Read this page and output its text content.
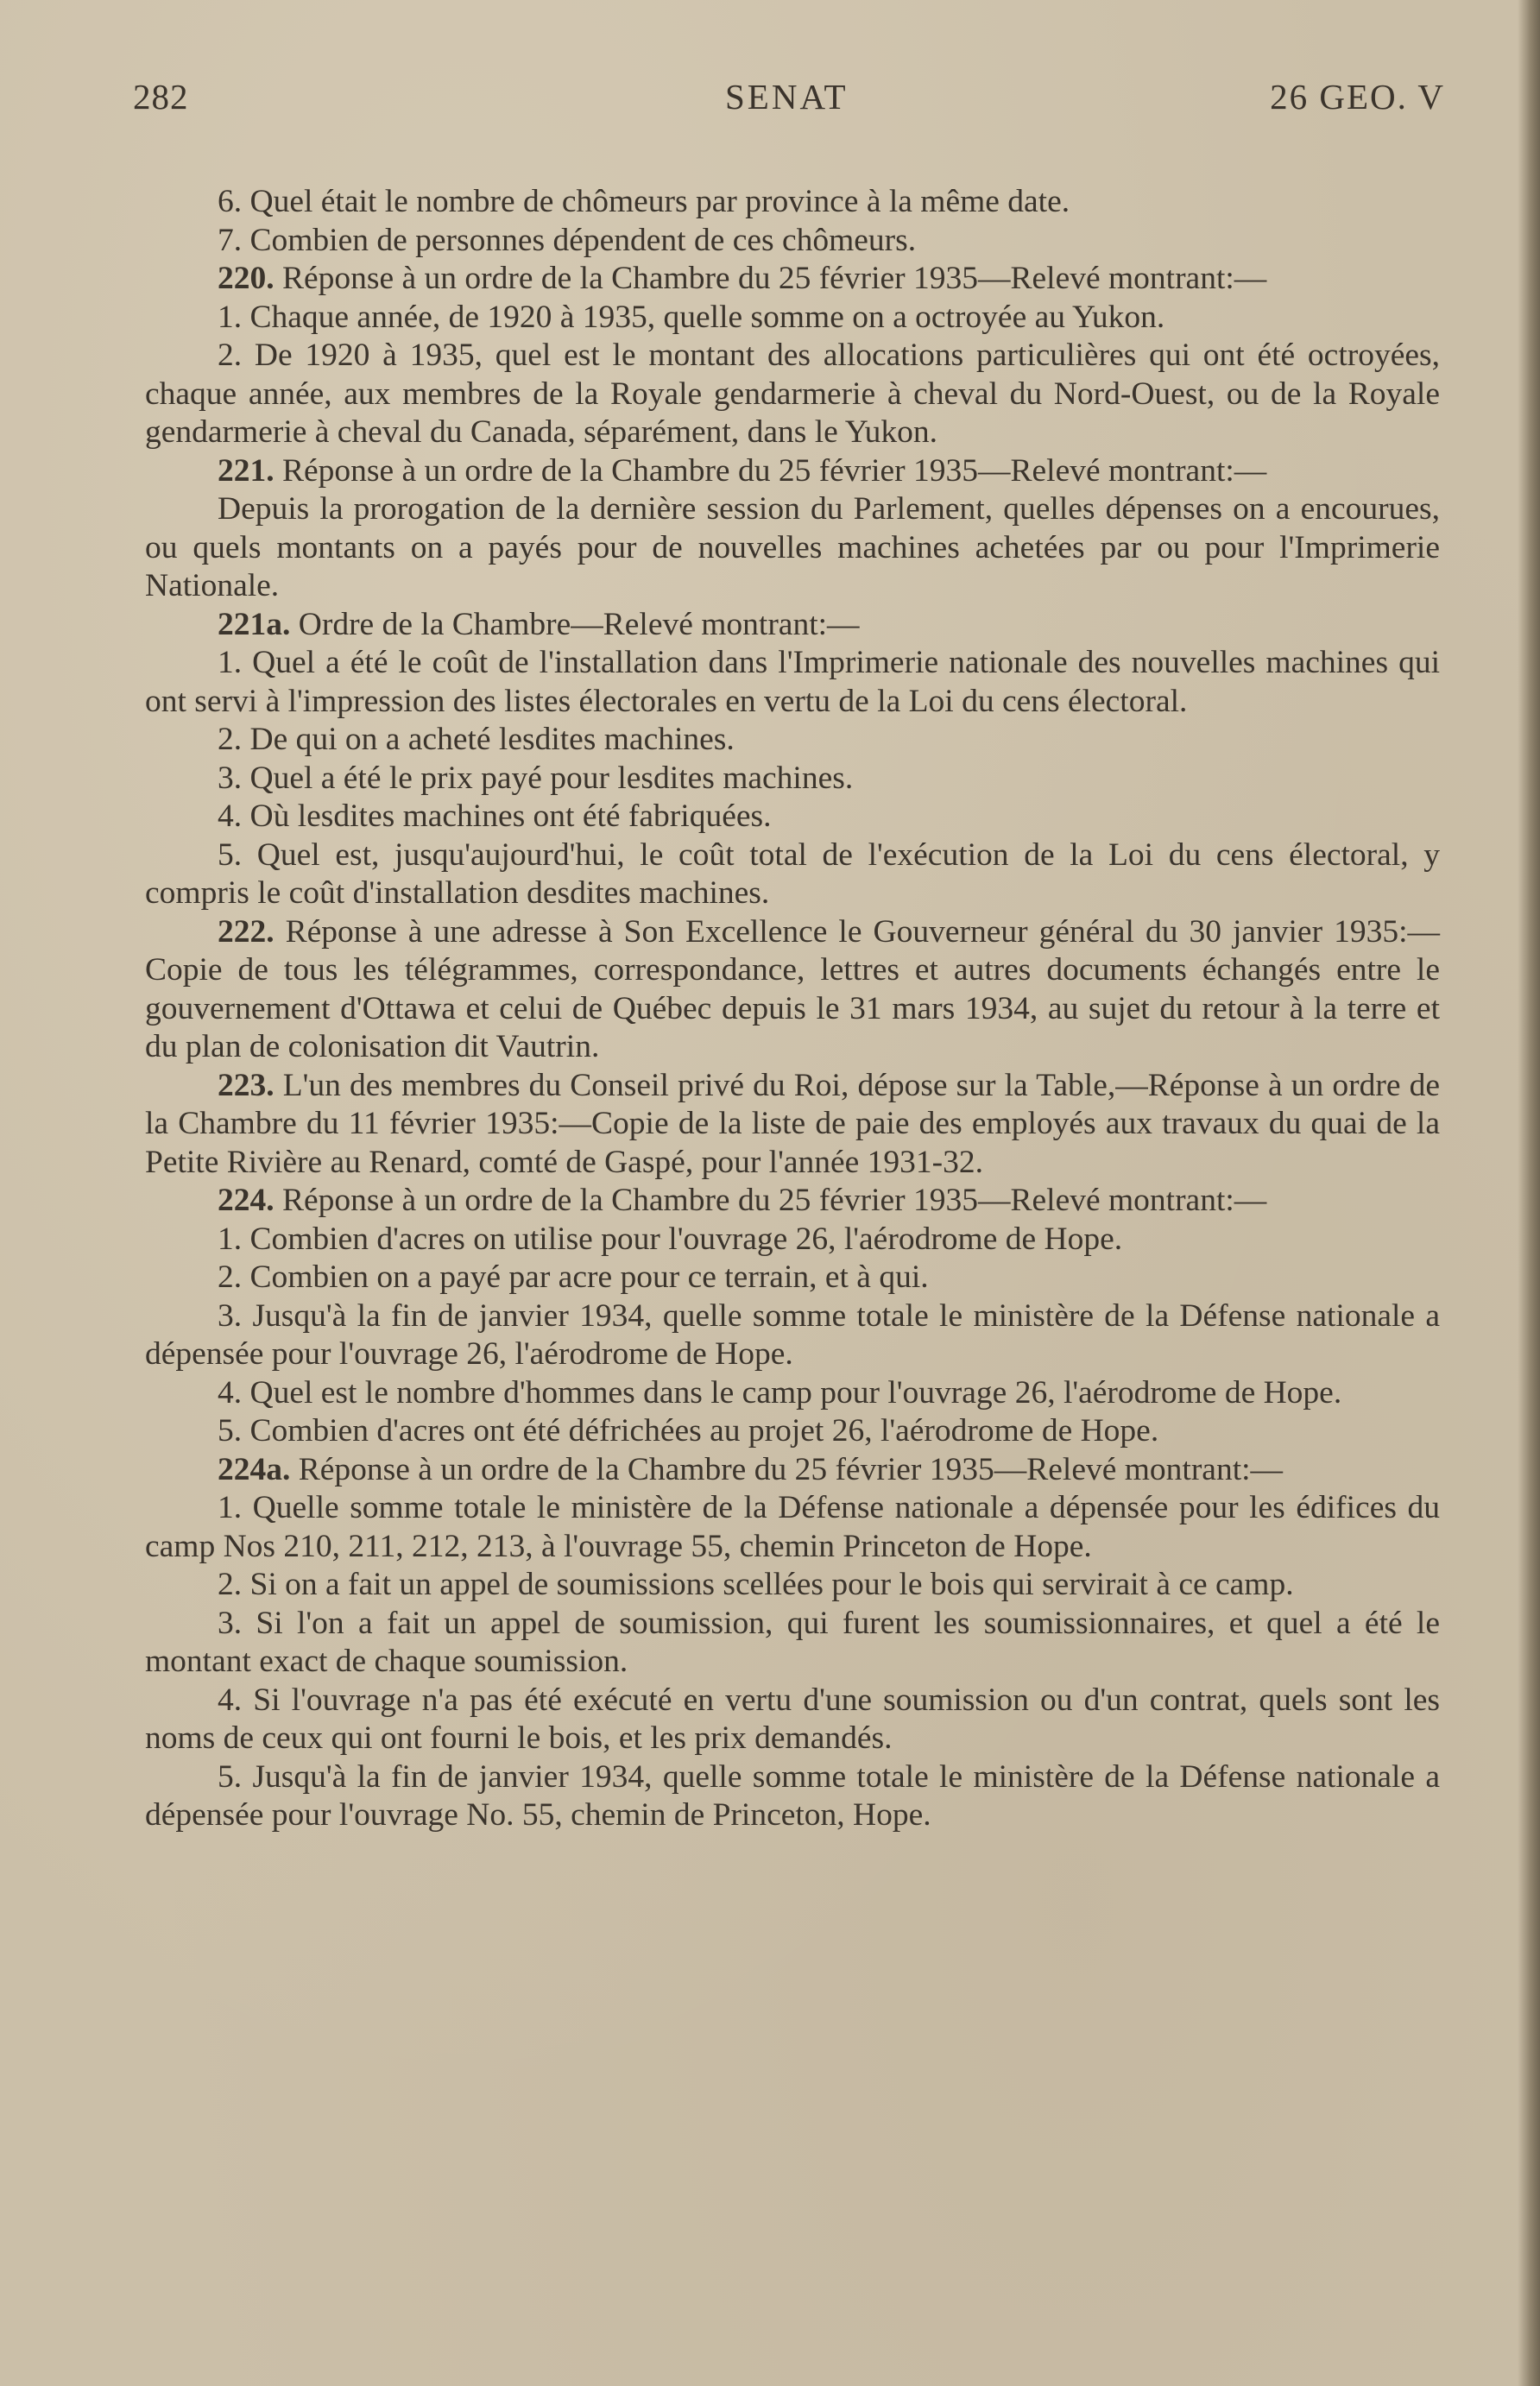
282	SENAT	26 GEO. V

6. Quel était le nombre de chômeurs par province à la même date.

7. Combien de personnes dépendent de ces chômeurs.

220. Réponse à un ordre de la Chambre du 25 février 1935—Relevé montrant:—

1. Chaque année, de 1920 à 1935, quelle somme on a octroyée au Yukon.

2. De 1920 à 1935, quel est le montant des allocations particulières qui ont été octroyées, chaque année, aux membres de la Royale gendarmerie à cheval du Nord-Ouest, ou de la Royale gendarmerie à cheval du Canada, séparément, dans le Yukon.

221. Réponse à un ordre de la Chambre du 25 février 1935—Relevé montrant:—

Depuis la prorogation de la dernière session du Parlement, quelles dépenses on a encourues, ou quels montants on a payés pour de nouvelles machines achetées par ou pour l'Imprimerie Nationale.

221a. Ordre de la Chambre—Relevé montrant:—

1. Quel a été le coût de l'installation dans l'Imprimerie nationale des nouvelles machines qui ont servi à l'impression des listes électorales en vertu de la Loi du cens électoral.

2. De qui on a acheté lesdites machines.

3. Quel a été le prix payé pour lesdites machines.

4. Où lesdites machines ont été fabriquées.

5. Quel est, jusqu'aujourd'hui, le coût total de l'exécution de la Loi du cens électoral, y compris le coût d'installation desdites machines.

222. Réponse à une adresse à Son Excellence le Gouverneur général du 30 janvier 1935:—Copie de tous les télégrammes, correspondance, lettres et autres documents échangés entre le gouvernement d'Ottawa et celui de Québec depuis le 31 mars 1934, au sujet du retour à la terre et du plan de colonisation dit Vautrin.

223. L'un des membres du Conseil privé du Roi, dépose sur la Table,—Réponse à un ordre de la Chambre du 11 février 1935:—Copie de la liste de paie des employés aux travaux du quai de la Petite Rivière au Renard, comté de Gaspé, pour l'année 1931-32.

224. Réponse à un ordre de la Chambre du 25 février 1935—Relevé montrant:—

1. Combien d'acres on utilise pour l'ouvrage 26, l'aérodrome de Hope.

2. Combien on a payé par acre pour ce terrain, et à qui.

3. Jusqu'à la fin de janvier 1934, quelle somme totale le ministère de la Défense nationale a dépensée pour l'ouvrage 26, l'aérodrome de Hope.

4. Quel est le nombre d'hommes dans le camp pour l'ouvrage 26, l'aérodrome de Hope.

5. Combien d'acres ont été défrichées au projet 26, l'aérodrome de Hope.

224a. Réponse à un ordre de la Chambre du 25 février 1935—Relevé montrant:—

1. Quelle somme totale le ministère de la Défense nationale a dépensée pour les édifices du camp Nos 210, 211, 212, 213, à l'ouvrage 55, chemin Princeton de Hope.

2. Si on a fait un appel de soumissions scellées pour le bois qui servirait à ce camp.

3. Si l'on a fait un appel de soumission, qui furent les soumissionnaires, et quel a été le montant exact de chaque soumission.

4. Si l'ouvrage n'a pas été exécuté en vertu d'une soumission ou d'un contrat, quels sont les noms de ceux qui ont fourni le bois, et les prix demandés.

5. Jusqu'à la fin de janvier 1934, quelle somme totale le ministère de la Défense nationale a dépensée pour l'ouvrage No. 55, chemin de Princeton, Hope.
